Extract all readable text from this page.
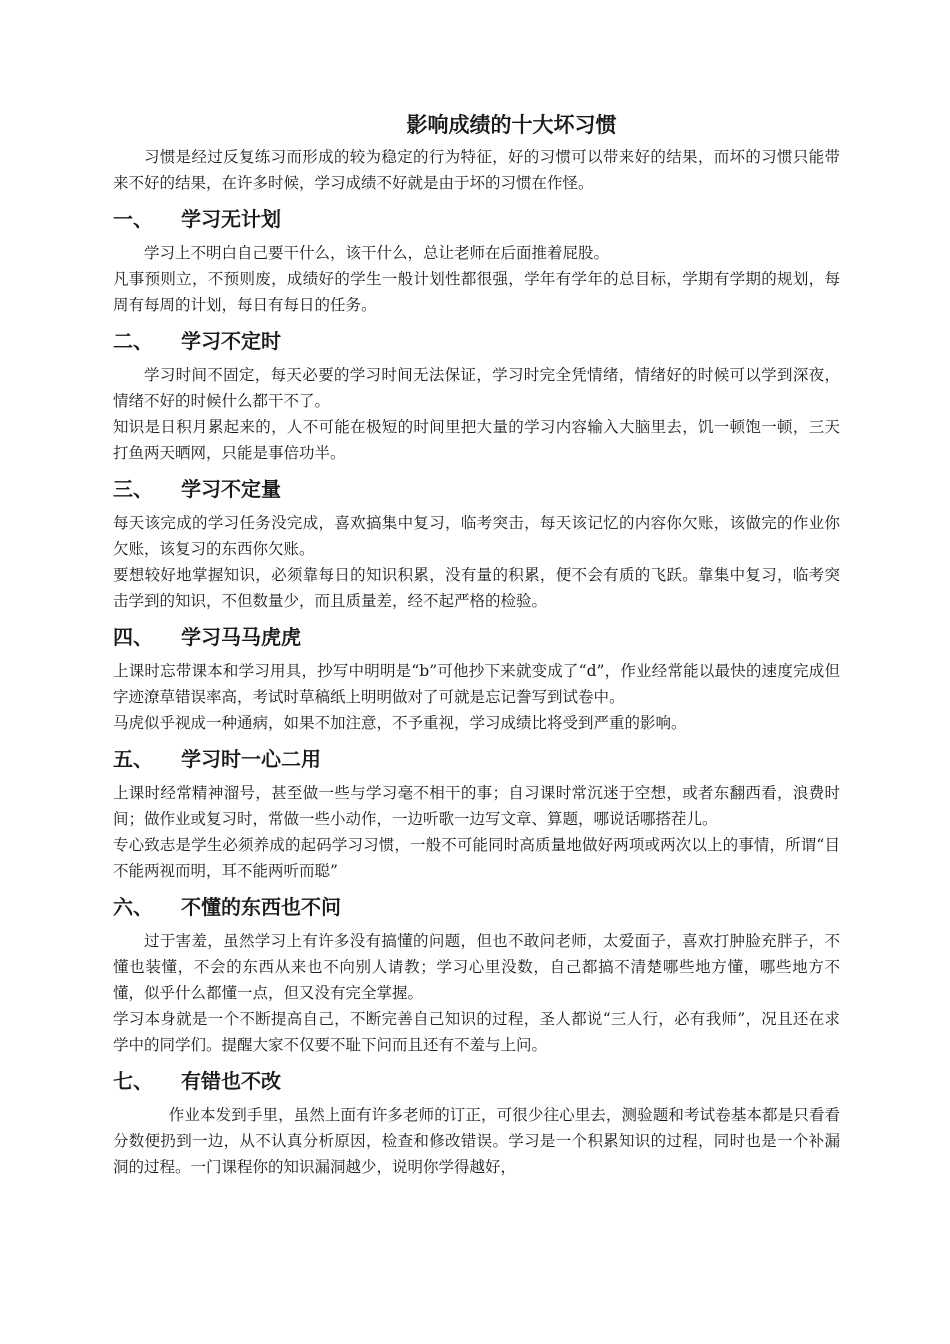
影响成绩的十大坏习惯

习惯是经过反复练习而形成的较为稳定的行为特征，好的习惯可以带来好的结果，而坏的习惯只能带来不好的结果，在许多时候，学习成绩不好就是由于坏的习惯在作怪。

一、	学习无计划

学习上不明白自己要干什么，该干什么，总让老师在后面推着屁股。

凡事预则立，不预则废，成绩好的学生一般计划性都很强，学年有学年的总目标，学期有学期的规划，每周有每周的计划，每日有每日的任务。

二、	学习不定时

学习时间不固定，每天必要的学习时间无法保证，学习时完全凭情绪，情绪好的时候可以学到深夜，情绪不好的时候什么都干不了。

知识是日积月累起来的，人不可能在极短的时间里把大量的学习内容输入大脑里去，饥一顿饱一顿，三天打鱼两天晒网，只能是事倍功半。

三、	学习不定量

每天该完成的学习任务没完成，喜欢搞集中复习，临考突击，每天该记忆的内容你欠账，该做完的作业你欠账，该复习的东西你欠账。

要想较好地掌握知识，必须靠每日的知识积累，没有量的积累，便不会有质的飞跃。靠集中复习，临考突击学到的知识，不但数量少，而且质量差，经不起严格的检验。

四、	学习马马虎虎

上课时忘带课本和学习用具，抄写中明明是“b”可他抄下来就变成了“d”，作业经常能以最快的速度完成但字迹潦草错误率高，考试时草稿纸上明明做对了可就是忘记誊写到试卷中。

马虎似乎视成一种通病，如果不加注意，不予重视，学习成绩比将受到严重的影响。

五、	学习时一心二用

上课时经常精神溜号，甚至做一些与学习毫不相干的事；自习课时常沉迷于空想，或者东翻西看，浪费时间；做作业或复习时，常做一些小动作，一边听歌一边写文章、算题，哪说话哪搭茬儿。

专心致志是学生必须养成的起码学习习惯，一般不可能同时高质量地做好两项或两次以上的事情，所谓“目不能两视而明，耳不能两听而聪”

六、	不懂的东西也不问

过于害羞，虽然学习上有许多没有搞懂的问题，但也不敢问老师，太爱面子，喜欢打肿脸充胖子，不懂也装懂，不会的东西从来也不向别人请教；学习心里没数，自己都搞不清楚哪些地方懂，哪些地方不懂，似乎什么都懂一点，但又没有完全掌握。

学习本身就是一个不断提高自己，不断完善自己知识的过程，圣人都说“三人行，必有我师”，况且还在求学中的同学们。提醒大家不仅要不耻下问而且还有不羞与上问。

七、	有错也不改

作业本发到手里，虽然上面有许多老师的订正，可很少往心里去，测验题和考试卷基本都是只看看分数便扔到一边，从不认真分析原因，检查和修改错误。学习是一个积累知识的过程，同时也是一个补漏洞的过程。一门课程你的知识漏洞越少，说明你学得越好，
